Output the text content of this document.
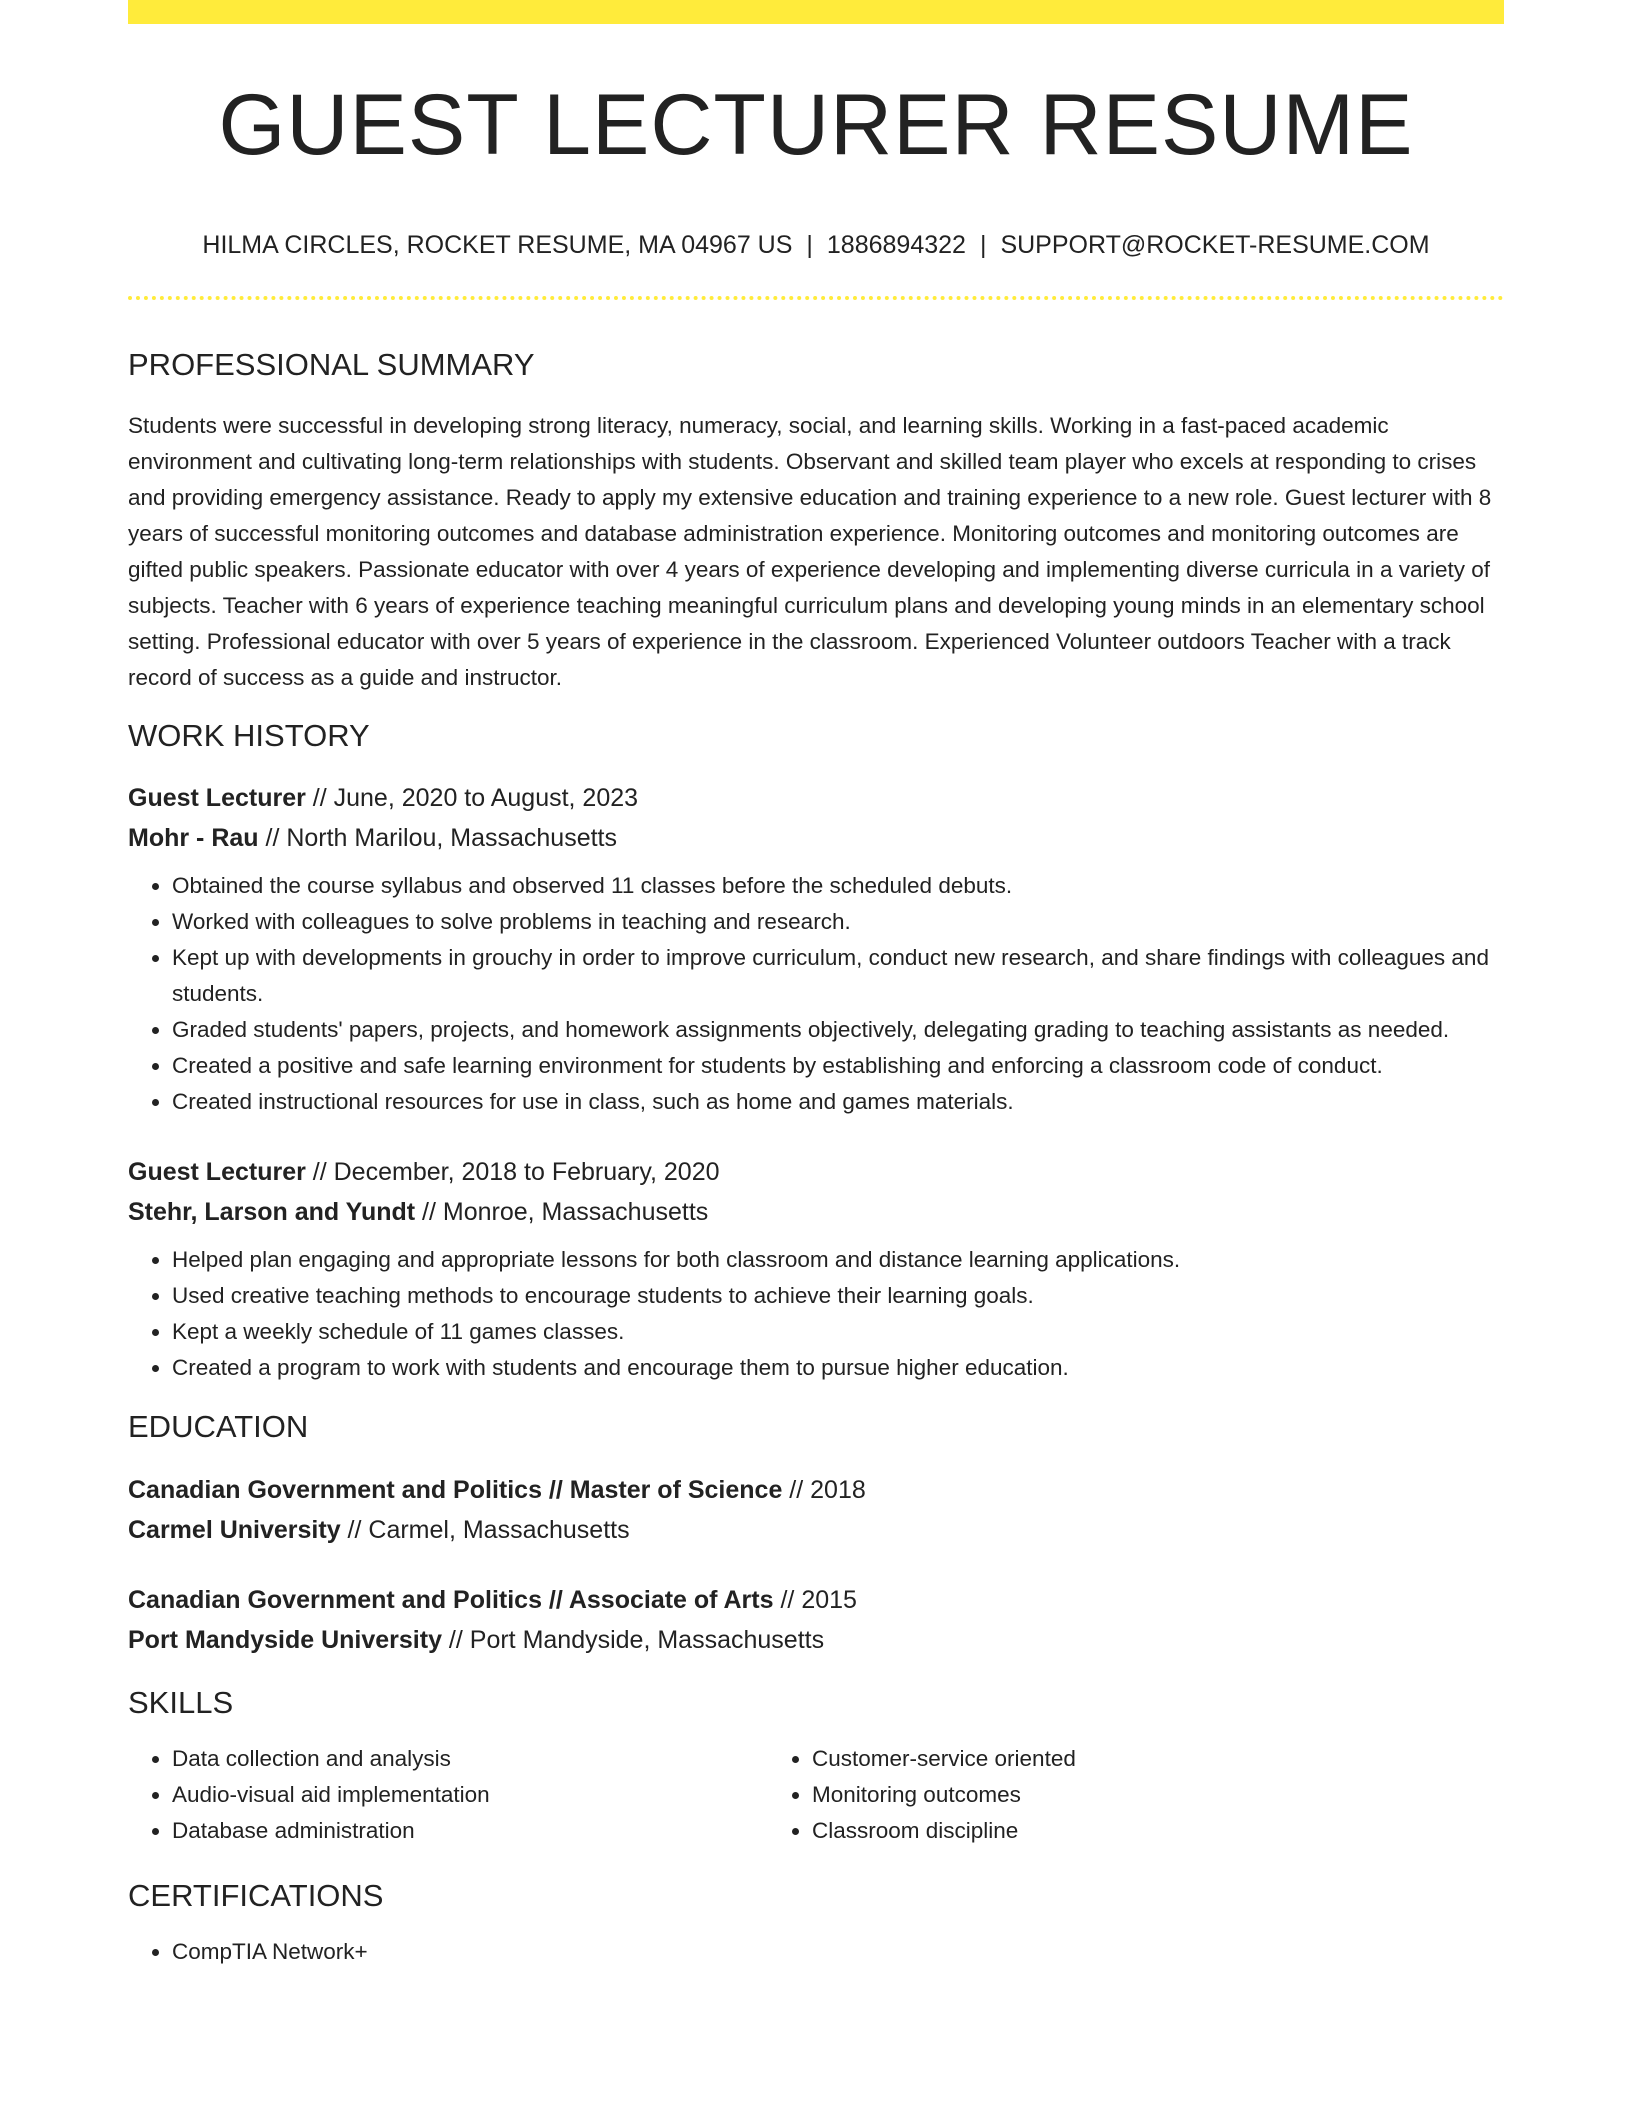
GUEST LECTURER RESUME
HILMA CIRCLES, ROCKET RESUME, MA 04967 US | 1886894322 | SUPPORT@ROCKET-RESUME.COM
PROFESSIONAL SUMMARY
Students were successful in developing strong literacy, numeracy, social, and learning skills. Working in a fast-paced academic environment and cultivating long-term relationships with students. Observant and skilled team player who excels at responding to crises and providing emergency assistance. Ready to apply my extensive education and training experience to a new role. Guest lecturer with 8 years of successful monitoring outcomes and database administration experience. Monitoring outcomes and monitoring outcomes are gifted public speakers. Passionate educator with over 4 years of experience developing and implementing diverse curricula in a variety of subjects. Teacher with 6 years of experience teaching meaningful curriculum plans and developing young minds in an elementary school setting. Professional educator with over 5 years of experience in the classroom. Experienced Volunteer outdoors Teacher with a track record of success as a guide and instructor.
WORK HISTORY
Guest Lecturer // June, 2020 to August, 2023
Mohr - Rau // North Marilou, Massachusetts
• Obtained the course syllabus and observed 11 classes before the scheduled debuts.
• Worked with colleagues to solve problems in teaching and research.
• Kept up with developments in grouchy in order to improve curriculum, conduct new research, and share findings with colleagues and students.
• Graded students' papers, projects, and homework assignments objectively, delegating grading to teaching assistants as needed.
• Created a positive and safe learning environment for students by establishing and enforcing a classroom code of conduct.
• Created instructional resources for use in class, such as home and games materials.
Guest Lecturer // December, 2018 to February, 2020
Stehr, Larson and Yundt // Monroe, Massachusetts
• Helped plan engaging and appropriate lessons for both classroom and distance learning applications.
• Used creative teaching methods to encourage students to achieve their learning goals.
• Kept a weekly schedule of 11 games classes.
• Created a program to work with students and encourage them to pursue higher education.
EDUCATION
Canadian Government and Politics // Master of Science // 2018
Carmel University // Carmel, Massachusetts
Canadian Government and Politics // Associate of Arts // 2015
Port Mandyside University // Port Mandyside, Massachusetts
SKILLS
• Data collection and analysis
• Audio-visual aid implementation
• Database administration
• Customer-service oriented
• Monitoring outcomes
• Classroom discipline
CERTIFICATIONS
• CompTIA Network+
